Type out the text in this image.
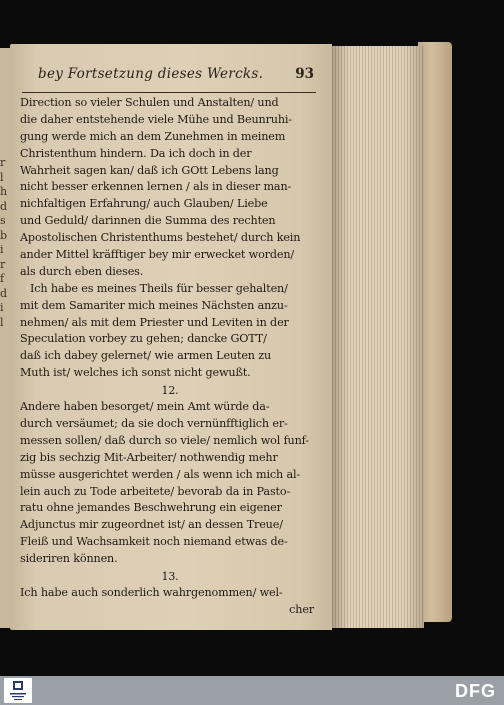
r
l
h
d
s
b
i
r
f
d
i
l
bey Fortsetzung dieses Wercks. 93
Direction so vieler Schulen und Anstalten/ und
die daher entstehende viele Mühe und Beunruhi-
gung werde mich an dem Zunehmen in meinem
Christenthum hindern. Da ich doch in der
Wahrheit sagen kan/ daß ich GOtt Lebens lang
nicht besser erkennen lernen / als in dieser man-
nichfaltigen Erfahrung/ auch Glauben/ Liebe
und Geduld/ darinnen die Summa des rechten
Apostolischen Christenthums bestehet/ durch kein
ander Mittel kräfftiger bey mir erwecket worden/
als durch eben dieses.
Ich habe es meines Theils für besser gehalten/
mit dem Samariter mich meines Nächsten anzu-
nehmen/ als mit dem Priester und Leviten in der
Speculation vorbey zu gehen; dancke GOTT/
daß ich dabey gelernet/ wie armen Leuten zu
Muth ist/ welches ich sonst nicht gewußt.
12.
Andere haben besorget/ mein Amt würde da-
durch versäumet; da sie doch vernünfftiglich er-
messen sollen/ daß durch so viele/ nemlich wol funf-
zig bis sechzig Mit-Arbeiter/ nothwendig mehr
müsse ausgerichtet werden / als wenn ich mich al-
lein auch zu Tode arbeitete/ bevorab da in Pasto-
ratu ohne jemandes Beschwehrung ein eigener
Adjunctus mir zugeordnet ist/ an dessen Treue/
Fleiß und Wachsamkeit noch niemand etwas de-
sideriren können.
13.
Ich habe auch sonderlich wahrgenommen/ wel-
cher
DFG
